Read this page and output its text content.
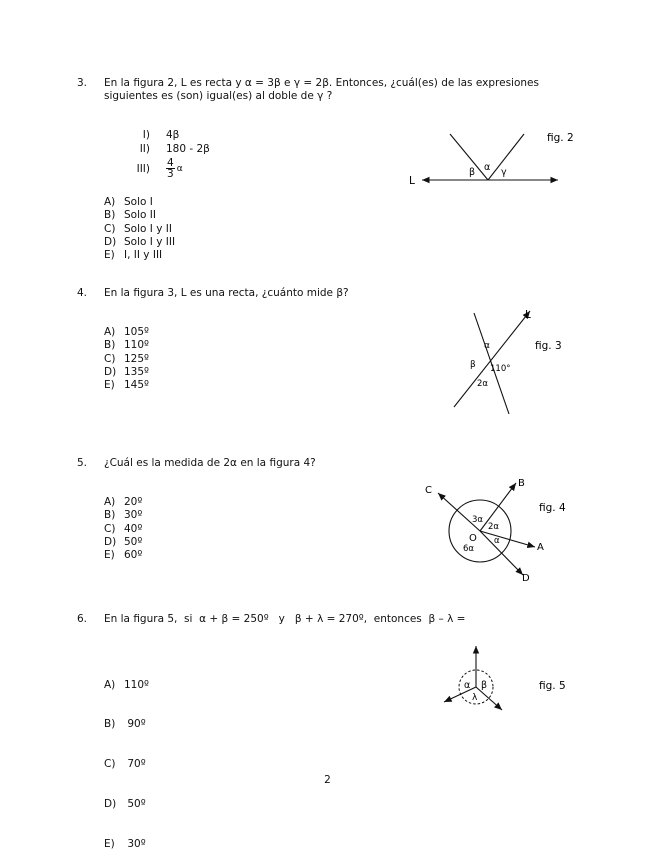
3. En la figura 2, L es recta y α = 3β e γ = 2β. Entonces, ¿cuál(es) de las expresiones
siguientes es (son) igual(es) al doble de γ ?
I) 4β
II) 180 - 2β
$III) \frac{4}{3}$ α
A) Solo I
B) Solo II
C) Solo I y II
D) Solo I y III
E) I, II y III
L
β α γ
fig. 2
4. En la figura 3, L es una recta, ¿cuánto mide β?
A) 105º
B) 110º
C) 125º
D) 135º
E) 145º
L
α
β 110°
2α
fig. 3
5. ¿Cuál es la medida de 2α en la figura 4?
A) 20º
B) 30º
C) 40º
D) 50º
E) 60º
C
B
A
D
O
3α
2α
α
6α
fig. 4
6. En la figura 5,  si  α + β = 250º   y   β + λ = 270º,  entonces  β – λ =

A) 110º

B) 90º

C) 70º

D) 50º

E) 30º

α β
λ
fig. 5
2
